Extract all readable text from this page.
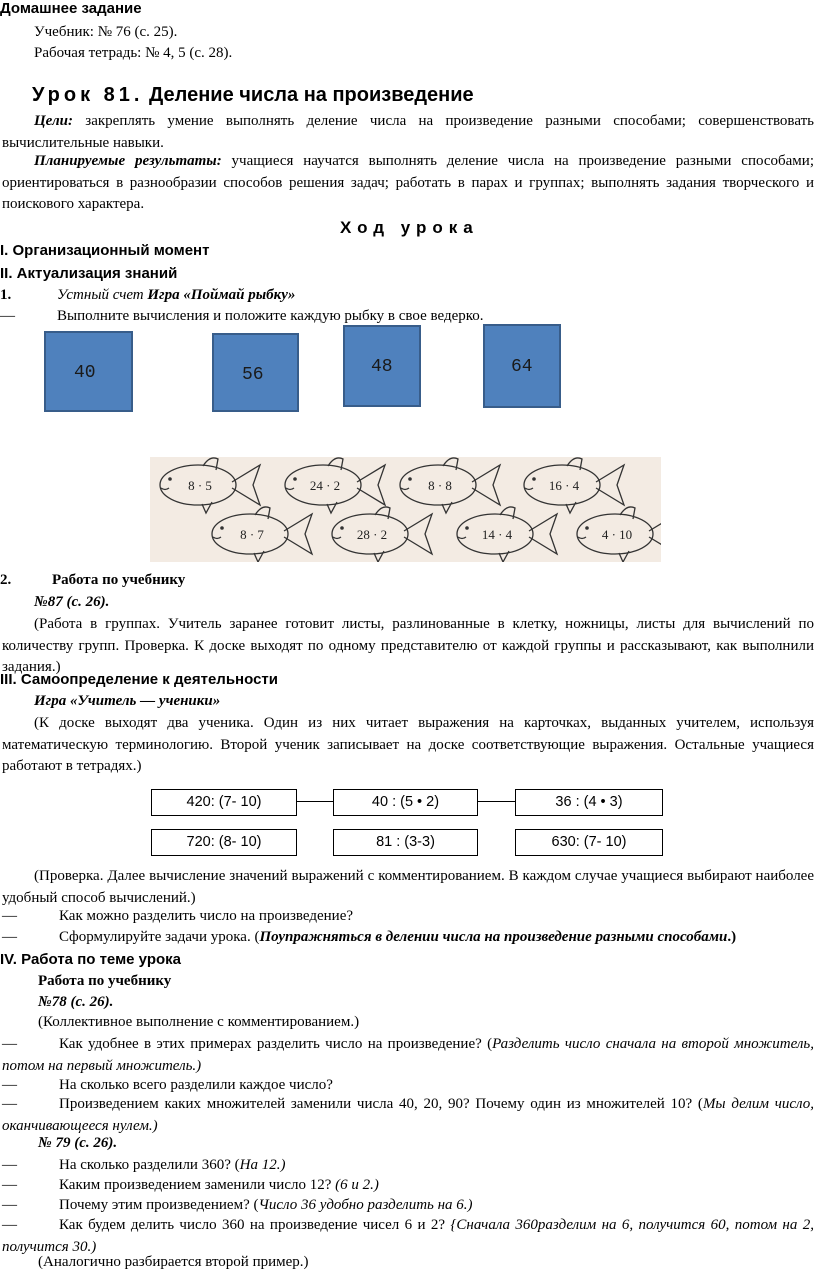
Домашнее задание
Учебник: № 76 (с. 25).
Рабочая тетрадь: № 4, 5 (с. 28).
Урок 81. Деление числа на произведение
Цели: закреплять умение выполнять деление числа на произведение разными способами; совершенствовать вычислительные навыки.
Планируемые результаты: учащиеся научатся выполнять деление числа на произведение разными способами; ориентироваться в разнообразии способов решения задач; работать в парах и группах; выполнять задания творческого и поискового характера.
Ход урока
I. Организационный момент
II. Актуализация знаний
1.	Устный счет Игра «Поймай рыбку»
—	Выполните вычисления и положите каждую рыбку в свое ведерко.
40	56	48	64
8 · 5	24 · 2	8 · 8	16 · 4
8 · 7	28 · 2	14 · 4	4 · 10
2.	Работа по учебнику
№87 (с. 26).
(Работа в группах. Учитель заранее готовит листы, разлинованные в клетку, ножницы, листы для вычислений по количеству групп. Проверка. К доске выходят по одному представителю от каждой группы и рассказывают, как выполнили задания.)
III. Самоопределение к деятельности
Игра «Учитель — ученики»
(К доске выходят два ученика. Один из них читает выражения на карточках, выданных учителем, используя математическую терминологию. Второй ученик записывает на доске соответствующие выражения. Остальные учащиеся работают в тетрадях.)
420: (7- 10)	40 : (5 • 2)	36 : (4 • 3)
720: (8- 10)	81 : (3-3)	630: (7- 10)
(Проверка. Далее вычисление значений выражений с комментированием. В каждом случае учащиеся выбирают наиболее удобный способ вычислений.)
—	Как можно разделить число на произведение?
—	Сформулируйте задачи урока. (Поупражняться в делении числа на произведение разными способами.)
IV. Работа по теме урока
Работа по учебнику
№78 (с. 26).
(Коллективное выполнение с комментированием.)
—	Как удобнее в этих примерах разделить число на произведение? (Разделить число сначала на второй множитель, потом на первый множитель.)
—	На сколько всего разделили каждое число?
—	Произведением каких множителей заменили числа 40, 20, 90? Почему один из множителей 10? (Мы делим число, оканчивающееся нулем.)
№ 79 (с. 26).
—	На сколько разделили 360? (На 12.)
—	Каким произведением заменили число 12? (6 и 2.)
—	Почему этим произведением? (Число 36 удобно разделить на 6.)
—	Как будем делить число 360 на произведение чисел 6 и 2? {Сначала 360разделим на 6, получится 60, потом на 2, получится 30.)
(Аналогично разбирается второй пример.)
